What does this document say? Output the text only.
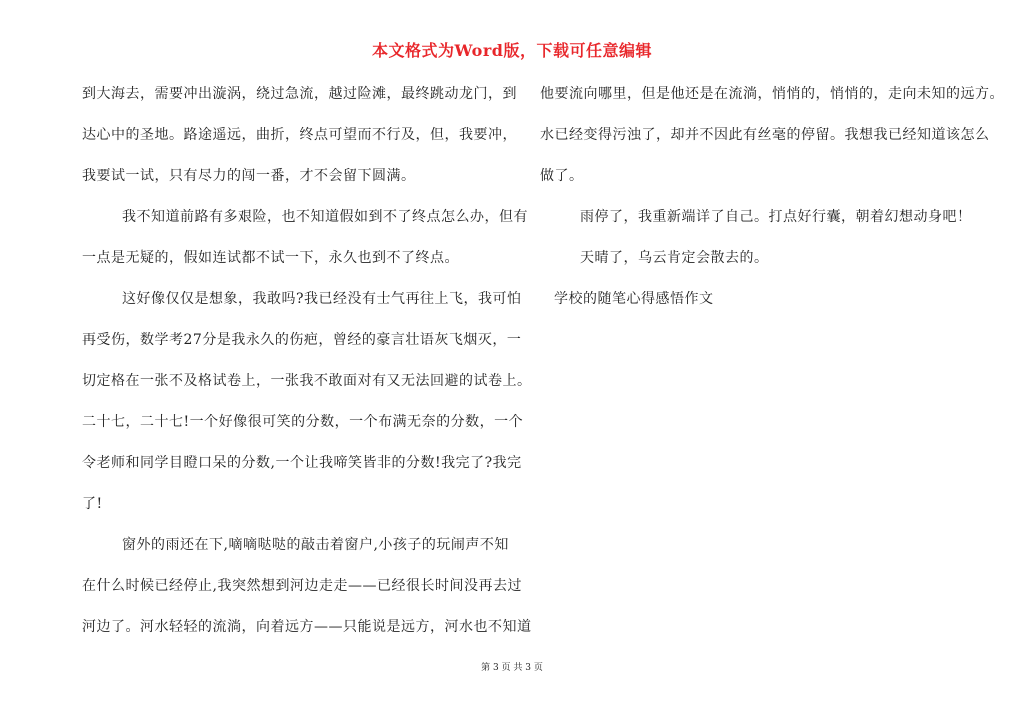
本文格式为Word版，下载可任意编辑
到大海去，需要冲出漩涡，绕过急流，越过险滩，最终跳动龙门，到
达心中的圣地。路途遥远，曲折，终点可望而不行及，但，我要冲，
我要试一试，只有尽力的闯一番，才不会留下圆满。
我不知道前路有多艰险，也不知道假如到不了终点怎么办，但有
一点是无疑的，假如连试都不试一下，永久也到不了终点。
这好像仅仅是想象，我敢吗?我已经没有士气再往上飞，我可怕
再受伤，数学考27分是我永久的伤疤，曾经的豪言壮语灰飞烟灭，一
切定格在一张不及格试卷上，一张我不敢面对有又无法回避的试卷上。
二十七，二十七!一个好像很可笑的分数，一个布满无奈的分数，一个
令老师和同学目瞪口呆的分数,一个让我啼笑皆非的分数!我完了?我完
了!
窗外的雨还在下,嘀嘀哒哒的敲击着窗户,小孩子的玩闹声不知
在什么时候已经停止,我突然想到河边走走——已经很长时间没再去过
河边了。河水轻轻的流淌，向着远方——只能说是远方，河水也不知道
他要流向哪里，但是他还是在流淌，悄悄的，悄悄的，走向未知的远方。
水已经变得污浊了，却并不因此有丝毫的停留。我想我已经知道该怎么
做了。
雨停了，我重新端详了自己。打点好行囊，朝着幻想动身吧！
天晴了，乌云肯定会散去的。
学校的随笔心得感悟作文
第 3 页 共 3 页
